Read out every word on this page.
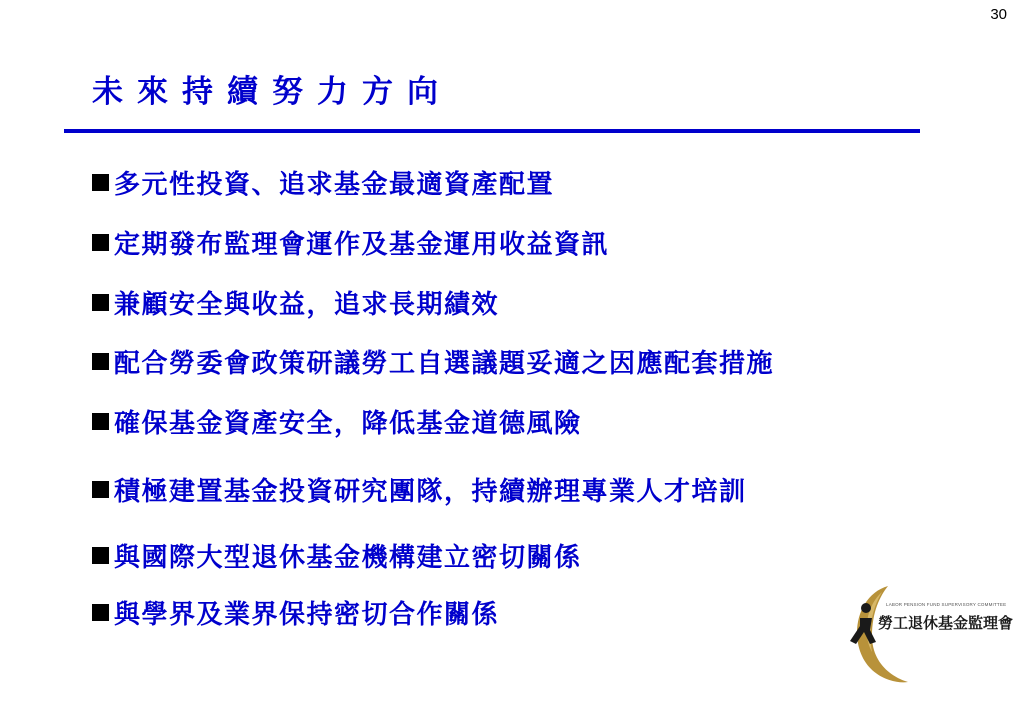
30
未來持續努力方向
多元性投資、追求基金最適資產配置
定期發布監理會運作及基金運用收益資訊
兼顧安全與收益，追求長期績效
配合勞委會政策研議勞工自選議題妥適之因應配套措施
確保基金資產安全，降低基金道德風險
積極建置基金投資研究團隊，持續辦理專業人才培訓
與國際大型退休基金機構建立密切關係
與學界及業界保持密切合作關係	LABOR PENSION FUND SUPERVISORY COMMITTEE
勞工退休基金監理會
